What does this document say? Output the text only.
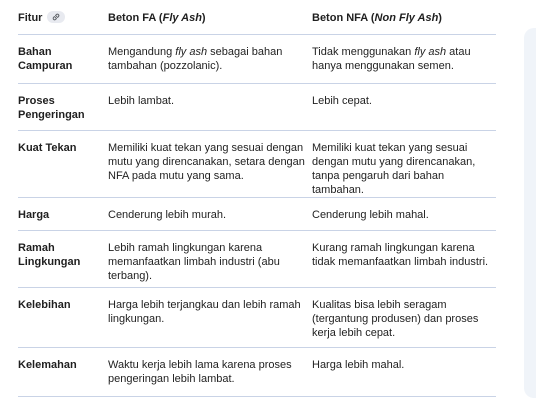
Fitur	Beton FA (Fly Ash)	Beton NFA (Non Fly Ash)

Bahan Campuran	Mengandung fly ash sebagai bahan tambahan (pozzolanic).	Tidak menggunakan fly ash atau hanya menggunakan semen.

Proses Pengeringan	Lebih lambat.	Lebih cepat.

Kuat Tekan	Memiliki kuat tekan yang sesuai dengan mutu yang direncanakan, setara dengan NFA pada mutu yang sama.	Memiliki kuat tekan yang sesuai dengan mutu yang direncanakan, tanpa pengaruh dari bahan tambahan.

Harga	Cenderung lebih murah.	Cenderung lebih mahal.

Ramah Lingkungan	Lebih ramah lingkungan karena memanfaatkan limbah industri (abu terbang).	Kurang ramah lingkungan karena tidak memanfaatkan limbah industri.

Kelebihan	Harga lebih terjangkau dan lebih ramah lingkungan.	Kualitas bisa lebih seragam (tergantung produsen) dan proses kerja lebih cepat.

Kelemahan	Waktu kerja lebih lama karena proses pengeringan lebih lambat.	Harga lebih mahal.
